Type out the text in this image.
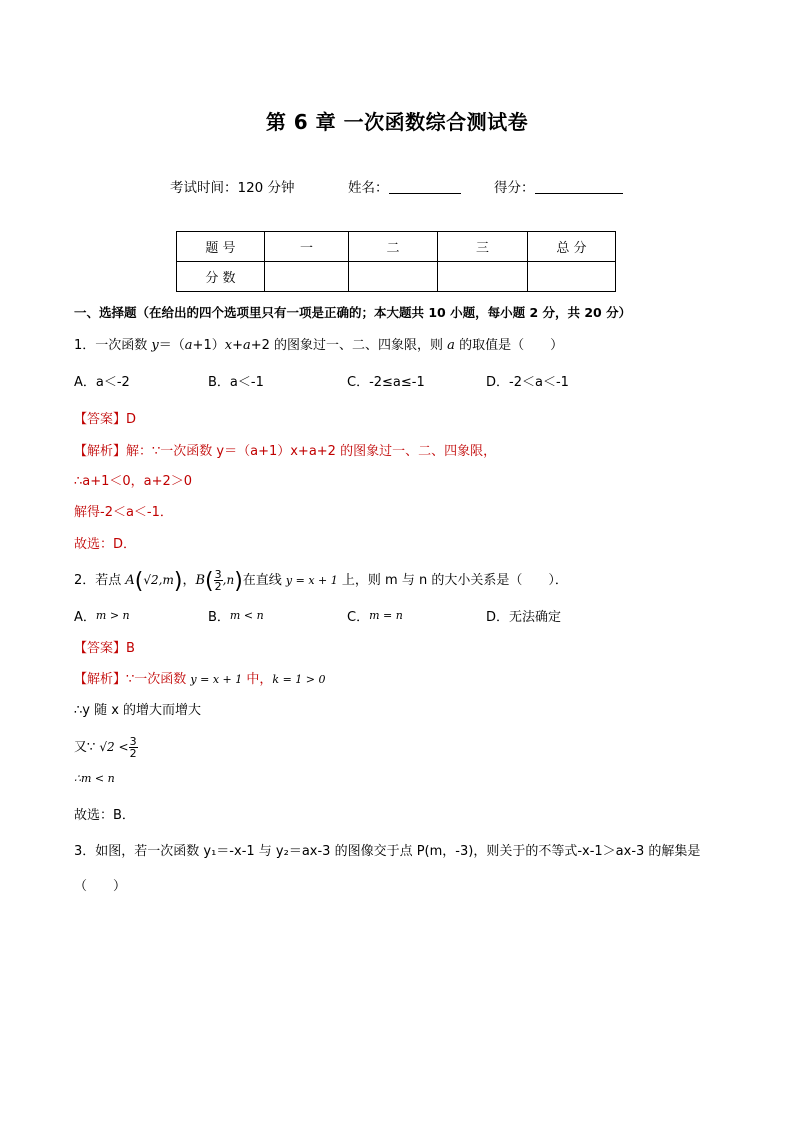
第 6 章 一次函数综合测试卷
考试时间：120 分钟	姓名：	得分：
题 号	一	二	三	总 分
分 数				
一、选择题（在给出的四个选项里只有一项是正确的；本大题共 10 小题，每小题 2 分，共 20 分）
1．一次函数 y＝（a+1）x+a+2 的图象过一、二、四象限，则 a 的取值是（　　）
A．a＜-2	B．a＜-1	C．-2≤a≤-1	D．-2＜a＜-1
【答案】D
【解析】解：∵一次函数 y＝（a+1）x+a+2 的图象过一、二、四象限，
∴a+1＜0，a+2＞0
解得-2＜a＜-1．
故选：D．
2．若点 A(√2,m)，$B( \frac{3}{2} ,n)$在直线 y = x + 1 上，则 m 与 n 的大小关系是（　　）．
A．m > n	B．m < n	C．m = n	D．无法确定
【答案】B
【解析】∵一次函数 y = x + 1 中，k = 1 > 0
∴y 随 x 的增大而增大
又∵ $√2 < \frac{3}{2}$
∴m < n
故选：B．
3．如图，若一次函数 y₁＝-x-1 与 y₂＝ax-3 的图像交于点 P(m，-3)，则关于的不等式-x-1＞ax-3 的解集是
（　　）
